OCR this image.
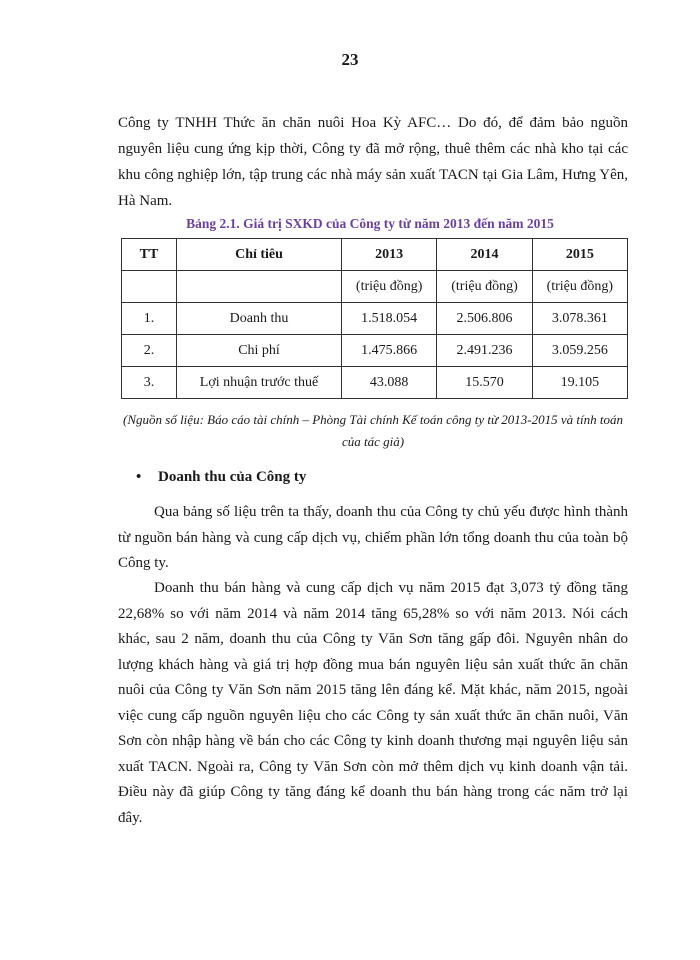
23

Công ty TNHH Thức ăn chăn nuôi Hoa Kỳ AFC… Do đó, để đảm bảo nguồn nguyên liệu cung ứng kịp thời, Công ty đã mở rộng, thuê thêm các nhà kho tại các khu công nghiệp lớn, tập trung các nhà máy sản xuất TACN tại Gia Lâm, Hưng Yên, Hà Nam.

Bảng 2.1. Giá trị SXKD của Công ty từ năm 2013 đến năm 2015
TT	Chỉ tiêu	2013	2014	2015
		(triệu đồng)	(triệu đồng)	(triệu đồng)
1.	Doanh thu	1.518.054	2.506.806	3.078.361
2.	Chi phí	1.475.866	2.491.236	3.059.256
3.	Lợi nhuận trước thuế	43.088	15.570	19.105
(Nguồn số liệu: Báo cáo tài chính – Phòng Tài chính Kế toán công ty từ 2013-2015 và tính toán của tác giả)
• Doanh thu của Công ty

Qua bảng số liệu trên ta thấy, doanh thu của Công ty chủ yếu được hình thành từ nguồn bán hàng và cung cấp dịch vụ, chiếm phần lớn tổng doanh thu của toàn bộ Công ty.

Doanh thu bán hàng và cung cấp dịch vụ năm 2015 đạt 3,073 tỷ đồng tăng 22,68% so với năm 2014 và năm 2014 tăng 65,28% so với năm 2013. Nói cách khác, sau 2 năm, doanh thu của Công ty Văn Sơn tăng gấp đôi. Nguyên nhân do lượng khách hàng và giá trị hợp đồng mua bán nguyên liệu sản xuất thức ăn chăn nuôi của Công ty Văn Sơn năm 2015 tăng lên đáng kể. Mặt khác, năm 2015, ngoài việc cung cấp nguồn nguyên liệu cho các Công ty sản xuất thức ăn chăn nuôi, Văn Sơn còn nhập hàng về bán cho các Công ty kinh doanh thương mại nguyên liệu sản xuất TACN. Ngoài ra, Công ty Văn Sơn còn mở thêm dịch vụ kinh doanh vận tải. Điều này đã giúp Công ty tăng đáng kể doanh thu bán hàng trong các năm trở lại đây.
